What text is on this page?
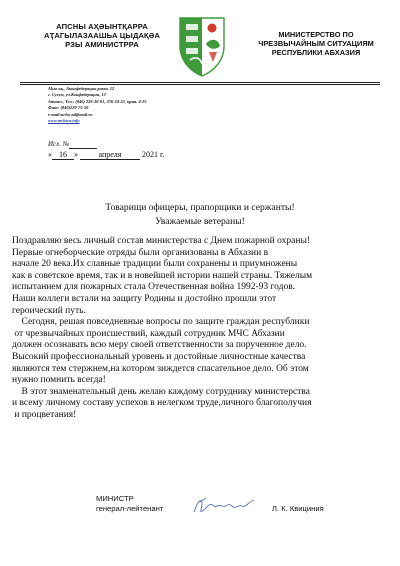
АПСНЫ АҲӘЫНТҚАРРА
АҬАГЫЛАЗААШЬА ЦЫДАҚӘА
РЗЫ АМИНИСТРРА
МИНИСТЕРСТВО ПО
ЧРЕЗВЫЧАЙНЫМ СИТУАЦИЯМ
РЕСПУБЛИКИ АБХАЗИЯ
Аҟəа ақ., Аконфедерациа разва. 12
г. Сухум, ул.Конфедерации, 12
Аттел., Тел.: (840) 226-30-81, 226-34-33, прия. 4-25
Факс: (840)229-75-50
e-mail:ucho-ed@mail.ru
www.mchsra.info
Исх. №
« 16 »	апреля	2021 г.
Товарищи офицеры, прапорщики и сержанты!
Уважаемые ветераны!

Поздравляю весь личный состав министерства с Днем пожарной охраны!
Первые огнеборческие отряды были организованы в Абхазии в
начале 20 века.Их славные традиции были сохранены и приумножены
как в советское время, так и в новейшей истории нашей страны. Тяжелым
испытанием для пожарных стала Отечественная война 1992-93 годов.
Наши коллеги встали на защиту Родины и достойно прошли этот
героический путь.

Сегодня, решая повседневные вопросы по защите граждан республики
от чрезвычайных происшествий, каждый сотрудник МЧС Абхазии
должен осознавать всю меру своей ответственности за порученное дело.
Высокий профессиональный уровень и достойные личностные качества
являются тем стержнем,на котором зиждется спасательное дело. Об этом
нужно помнить всегда!

В этот знаменательный день желаю каждому сотруднику министерства
и всему личному составу успехов в нелегком труде,личного благополучия
и процветания!

МИНИСТР
генерал-лейтенант	Л. К. Квициния
